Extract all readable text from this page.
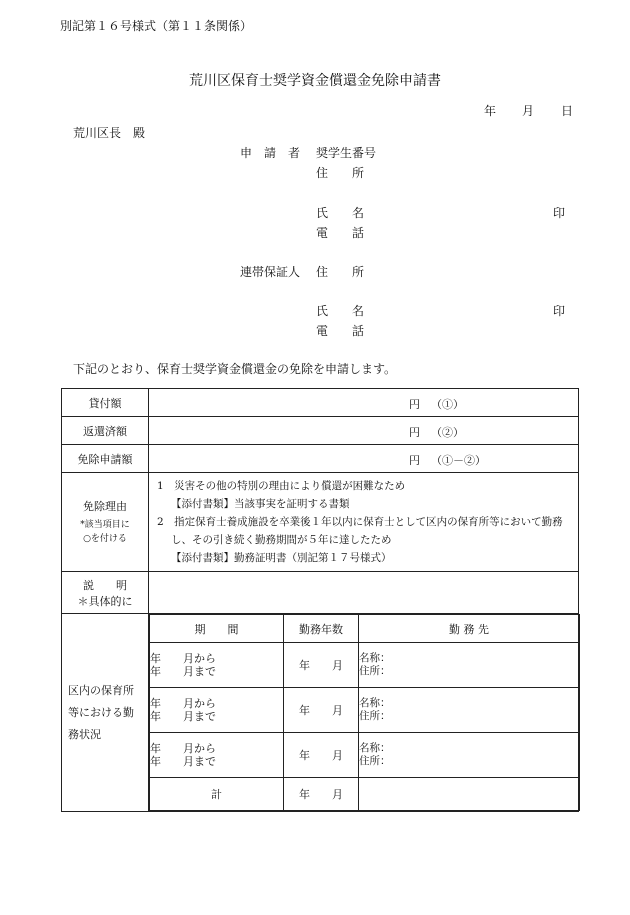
別記第１６号様式（第１１条関係）
荒川区保育士奨学資金償還金免除申請書
年 月 日
荒川区長　殿
申　請　者 奨学生番号
住　　所
氏　　名	印
電　　話
連帯保証人 住　　所
氏　　名	印
電　　話
下記のとおり、保育士奨学資金償還金の免除を申請します。
貸付額	円 （①）

返還済額	円 （②）

免除申請額	円 （①－②）

免除理由
*該当項目に
○を付ける

1　災害その他の特別の理由により償還が困難なため
【添付書類】当該事実を証明する書類
2　指定保育士養成施設を卒業後１年以内に保育士として区内の保育所等において勤務
し、その引き続く勤務期間が５年に達したため
【添付書類】勤務証明書（別記第１７号様式）

説　　明
＊具体的に

区内の保育所
等における勤
務状況

期　　間	勤務年数	勤 務 先

年　　月から
年　　月まで	年　　月	
名称：
住所：

年　　月から
年　　月まで	年　　月	
名称：
住所：

年　　月から
年　　月まで	年　　月	
名称：
住所：

計	年　　月	
